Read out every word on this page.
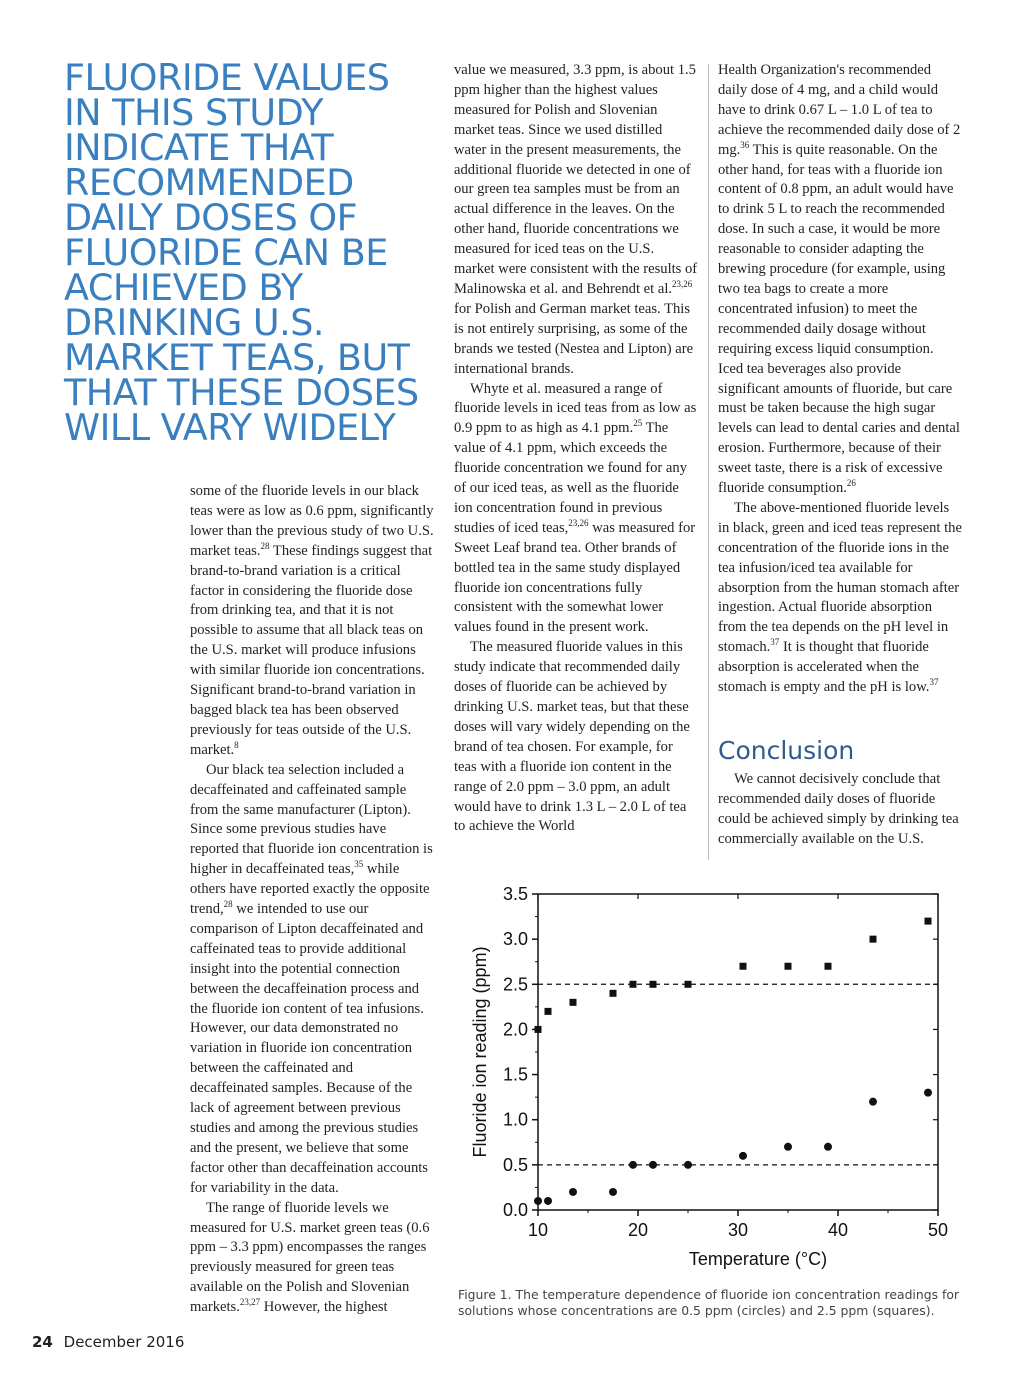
FLUORIDE VALUES IN THIS STUDY INDICATE THAT RECOMMENDED DAILY DOSES OF FLUORIDE CAN BE ACHIEVED BY DRINKING U.S. MARKET TEAS, BUT THAT THESE DOSES WILL VARY WIDELY

some of the fluoride levels in our black teas were as low as 0.6 ppm, significantly lower than the previous study of two U.S. market teas.$^{28}$ These findings suggest that brand-to-brand variation is a critical factor in considering the fluoride dose from drinking tea, and that it is not possible to assume that all black teas on the U.S. market will produce infusions with similar fluoride ion concentrations. Significant brand-to-brand variation in bagged black tea has been observed previously for teas outside of the U.S. market.$^8$

Our black tea selection included a decaffeinated and caffeinated sample from the same manufacturer (Lipton). Since some previous studies have reported that fluoride ion concentration is higher in decaffeinated teas,$^{35}$ while others have reported exactly the opposite trend,$^{28}$ we intended to use our comparison of Lipton decaffeinated and caffeinated teas to provide additional insight into the potential connection between the decaffeination process and the fluoride ion content of tea infusions. However, our data demonstrated no variation in fluoride ion concentration between the caffeinated and decaffeinated samples. Because of the lack of agreement between previous studies and among the previous studies and the present, we believe that some factor other than decaffeination accounts for variability in the data.

The range of fluoride levels we measured for U.S. market green teas (0.6 ppm – 3.3 ppm) encompasses the ranges previously measured for green teas available on the Polish and Slovenian markets.$^{23,27}$ However, the highest

value we measured, 3.3 ppm, is about 1.5 ppm higher than the highest values measured for Polish and Slovenian market teas. Since we used distilled water in the present measurements, the additional fluoride we detected in one of our green tea samples must be from an actual difference in the leaves. On the other hand, fluoride concentrations we measured for iced teas on the U.S. market were consistent with the results of Malinowska et al. and Behrendt et al.$^{23,26}$ for Polish and German market teas. This is not entirely surprising, as some of the brands we tested (Nestea and Lipton) are international brands.

Whyte et al. measured a range of fluoride levels in iced teas from as low as 0.9 ppm to as high as 4.1 ppm.$^{25}$ The value of 4.1 ppm, which exceeds the fluoride concentration we found for any of our iced teas, as well as the fluoride ion concentration found in previous studies of iced teas,$^{23,26}$ was measured for Sweet Leaf brand tea. Other brands of bottled tea in the same study displayed fluoride ion concentrations fully consistent with the somewhat lower values found in the present work.

The measured fluoride values in this study indicate that recommended daily doses of fluoride can be achieved by drinking U.S. market teas, but that these doses will vary widely depending on the brand of tea chosen. For example, for teas with a fluoride ion content in the range of 2.0 ppm – 3.0 ppm, an adult would have to drink 1.3 L – 2.0 L of tea to achieve the World

Health Organization's recommended daily dose of 4 mg, and a child would have to drink 0.67 L – 1.0 L of tea to achieve the recommended daily dose of 2 mg.$^{36}$ This is quite reasonable. On the other hand, for teas with a fluoride ion content of 0.8 ppm, an adult would have to drink 5 L to reach the recommended dose. In such a case, it would be more reasonable to consider adapting the brewing procedure (for example, using two tea bags to create a more concentrated infusion) to meet the recommended daily dosage without requiring excess liquid consumption. Iced tea beverages also provide significant amounts of fluoride, but care must be taken because the high sugar levels can lead to dental caries and dental erosion. Furthermore, because of their sweet taste, there is a risk of excessive fluoride consumption.$^{26}$

The above-mentioned fluoride levels in black, green and iced teas represent the concentration of the fluoride ions in the tea infusion/iced tea available for absorption from the human stomach after ingestion. Actual fluoride absorption from the tea depends on the pH level in stomach.$^{37}$ It is thought that fluoride absorption is accelerated when the stomach is empty and the pH is low.$^{37}$

Conclusion

We cannot decisively conclude that recommended daily doses of fluoride could be achieved simply by drinking tea commercially available on the U.S.

Fluoride ion reading (ppm)
Temperature (°C)
0.0
0.5
1.0
1.5
2.0
2.5
3.0
3.5
10	20	30	40	50
Figure 1. The temperature dependence of fluoride ion concentration readings for solutions whose concentrations are 0.5 ppm (circles) and 2.5 ppm (squares).
24 December 2016
